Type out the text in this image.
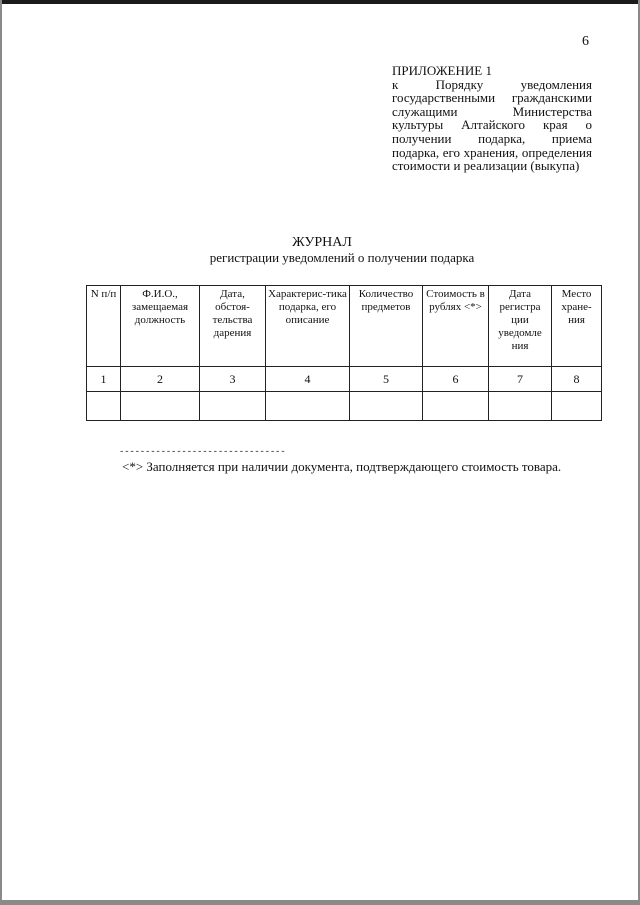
6
ПРИЛОЖЕНИЕ 1
к Порядку уведомления государственными гражданскими служащими Министерства культуры Алтайского края о получении подарка, приема подарка, его хранения, определения стоимости и реализации (выкупа)
ЖУРНАЛ
регистрации уведомлений о получении подарка
N п/п	Ф.И.О., замещаемая должность	Дата, обстоя-тельства дарения	Характерис-тика подарка, его описание	Количество предметов	Стоимость в рублях <*>	Дата регистра ции уведомле ния	Место хране-ния
1	2	3	4	5	6	7	8

--------------------------------
<*> Заполняется при наличии документа, подтверждающего стоимость товара.
